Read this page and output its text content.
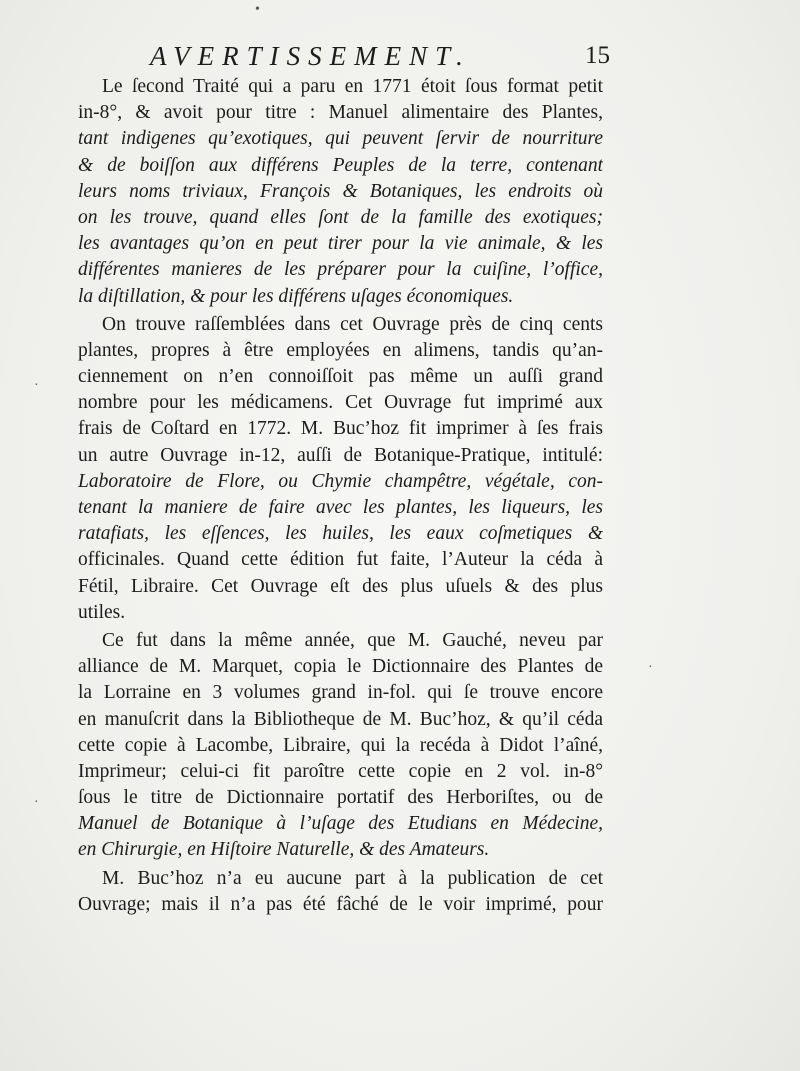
AVERTISSEMENT.	15
Le ſecond Traité qui a paru en 1771 étoit ſous format petit
in-8°, & avoit pour titre : Manuel alimentaire des Plantes,
tant indigenes qu’exotiques, qui peuvent ſervir de nourriture
& de boiſſon aux différens Peuples de la terre, contenant
leurs noms triviaux, François & Botaniques, les endroits où
on les trouve, quand elles ſont de la famille des exotiques;
les avantages qu’on en peut tirer pour la vie animale, & les
différentes manieres de les préparer pour la cuiſine, l’office,
la diſtillation, & pour les différens uſages économiques.
On trouve raſſemblées dans cet Ouvrage près de cinq cents
plantes, propres à être employées en alimens, tandis qu’an-
ciennement on n’en connoiſſoit pas même un auſſi grand
nombre pour les médicamens. Cet Ouvrage fut imprimé aux
frais de Coſtard en 1772. M. Buc’hoz fit imprimer à ſes frais
un autre Ouvrage in-12, auſſi de Botanique-Pratique, intitulé:
Laboratoire de Flore, ou Chymie champêtre, végétale, con-
tenant la maniere de faire avec les plantes, les liqueurs, les
ratafiats, les eſſences, les huiles, les eaux coſmetiques &
officinales. Quand cette édition fut faite, l’Auteur la céda à
Fétil, Libraire. Cet Ouvrage eſt des plus uſuels & des plus
utiles.
Ce fut dans la même année, que M. Gauché, neveu par
alliance de M. Marquet, copia le Dictionnaire des Plantes de
la Lorraine en 3 volumes grand in-fol. qui ſe trouve encore
en manuſcrit dans la Bibliotheque de M. Buc’hoz, & qu’il céda
cette copie à Lacombe, Libraire, qui la recéda à Didot l’aîné,
Imprimeur; celui-ci fit paroître cette copie en 2 vol. in-8°
ſous le titre de Dictionnaire portatif des Herboriſtes, ou de
Manuel de Botanique à l’uſage des Etudians en Médecine,
en Chirurgie, en Hiſtoire Naturelle, & des Amateurs.
M. Buc’hoz n’a eu aucune part à la publication de cet
Ouvrage; mais il n’a pas été fâché de le voir imprimé, pour
•
·
·
·
